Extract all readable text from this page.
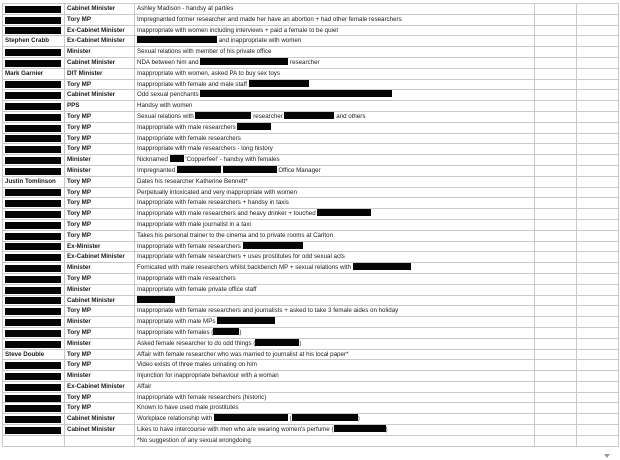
	Cabinet Minister	Ashley Madison - handsy at parties		

	Tory MP	Impregnanted former researcher and made her have an abortion + had other female researchers		

	Ex-Cabinet Minister	Inappropriate with women including interviews + paid a female to be quiet		
Stephen Crabb	Ex-Cabinet Minister	and inappropriate with women		

	Minister	Sexual relations with member of his private office		

	Cabinet Minister	NDA between him and researcher		
Mark Garnier	DIT Minister	Inappropriate with women, asked PA to buy sex toys		

	Tory MP	Inappropriate with female and male staff		

	Cabinet Minister	Odd sexual penchants		

	PPS	Handsy with women		

	Tory MP	Sexual relations with researcher and others		

	Tory MP	Inappropriate with male researchers		

	Tory MP	Inappropriate with female researchers		

	Tory MP	Inappropriate with male researchers - long history		

	Minister	Nicknamed  'Copperfeel' - handsy with females		

	Minister	Impregnanted Office Manager		
Justin Tomlinson	Tory MP	Dates his researcher Katherine Bennett*		

	Tory MP	Perpetually intoxicated and very inappropriate with women		

	Tory MP	Inappropriate with female researchers + handsy in taxis		

	Tory MP	Inappropriate with male researchers and heavy drinker + touched		

	Tory MP	Inappropriate with male journalist in a taxi		

	Tory MP	Takes his personal trainer to the cinema and to private rooms at Carlton		

	Ex-Minister	Inappropriate with female researchers		

	Ex-Cabinet Minister	Inappropriate with female researchers + uses prostitutes for odd sexual acts		

	Minister	Fornicated with male researchers whilst backbench MP + sexual relations with		

	Tory MP	Inappropriate with male researchers		

	Minister	Inappropriate with female private office staff		

	Cabinet Minister			

	Tory MP	Inappropriate with female researchers and journalists + asked to take 3 female aides on holiday		

	Minister	Inappropriate with male MPs		

	Tory MP	Inappropriate with females ( )		

	Minister	Asked female researcher to do odd things ( )		
Steve Double	Tory MP	Affair with female researcher who was married to journalist at his local paper*		

	Tory MP	Video exists of three males urinating on him		

	Minister	Injunction for inappropriate behaviour with a woman		

	Ex-Cabinet Minister	Affair		

	Tory MP	Inappropriate with female researchers (historic)		

	Tory MP	Known to have used male prostitutes		

	Cabinet Minister	Workplace relationship with ( )		

	Cabinet Minister	Likes to have intercourse with men who are wearing women's perfume ( )		
		*No suggestion of any sexual wrongdoing		
